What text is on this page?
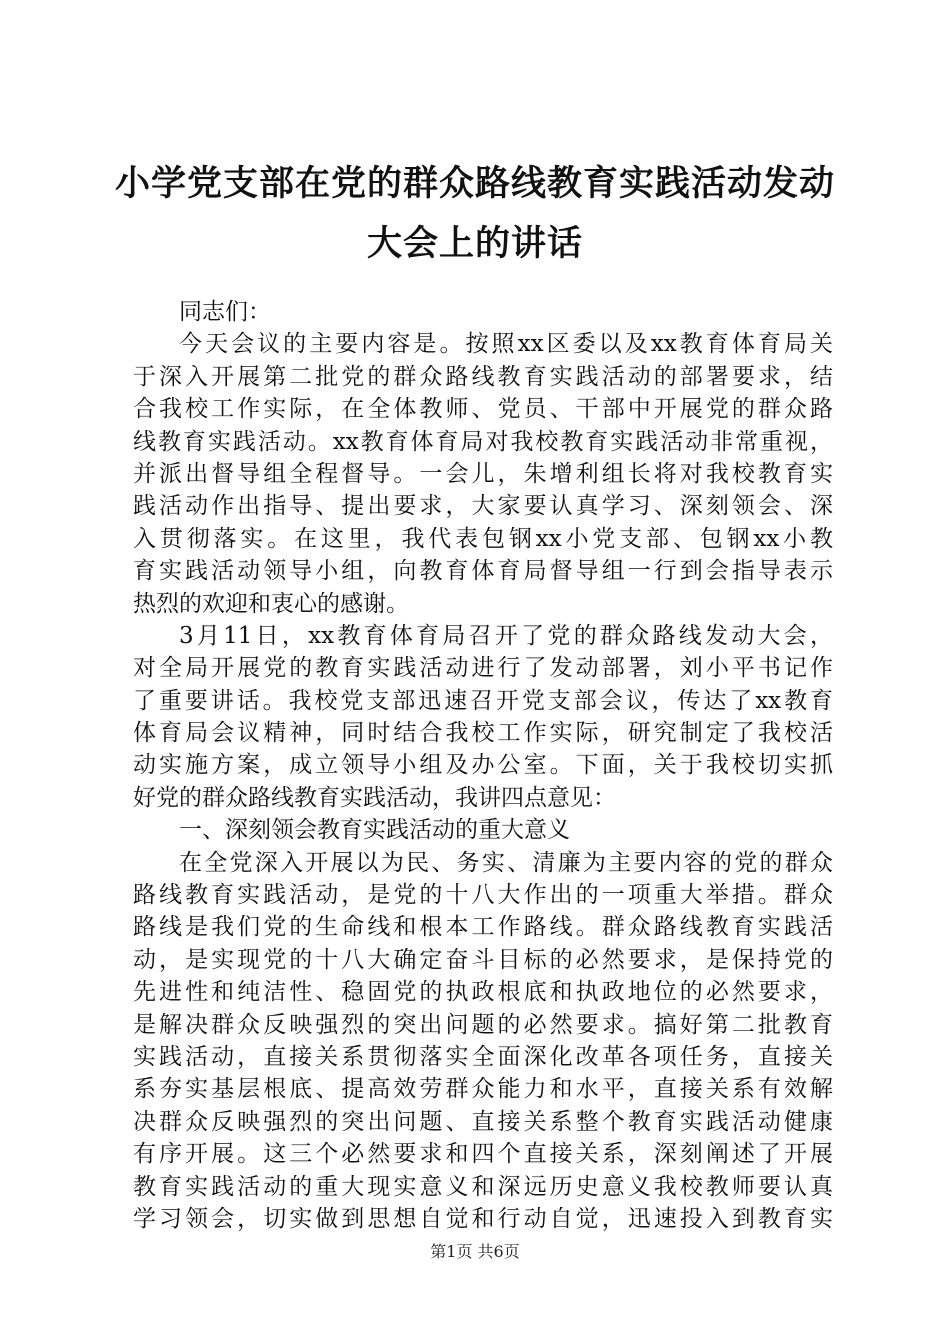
小学党支部在党的群众路线教育实践活动发动
大会上的讲话
同志们：
今天会议的主要内容是。按照xx区委以及xx教育体育局关
于深入开展第二批党的群众路线教育实践活动的部署要求，结
合我校工作实际，在全体教师、党员、干部中开展党的群众路
线教育实践活动。xx教育体育局对我校教育实践活动非常重视，
并派出督导组全程督导。一会儿，朱增利组长将对我校教育实
践活动作出指导、提出要求，大家要认真学习、深刻领会、深
入贯彻落实。在这里，我代表包钢xx小党支部、包钢xx小教
育实践活动领导小组，向教育体育局督导组一行到会指导表示
热烈的欢迎和衷心的感谢。
3月11日，xx教育体育局召开了党的群众路线发动大会，
对全局开展党的教育实践活动进行了发动部署，刘小平书记作
了重要讲话。我校党支部迅速召开党支部会议，传达了xx教育
体育局会议精神，同时结合我校工作实际，研究制定了我校活
动实施方案，成立领导小组及办公室。下面，关于我校切实抓
好党的群众路线教育实践活动，我讲四点意见：
一、深刻领会教育实践活动的重大意义
在全党深入开展以为民、务实、清廉为主要内容的党的群众
路线教育实践活动，是党的十八大作出的一项重大举措。群众
路线是我们党的生命线和根本工作路线。群众路线教育实践活
动，是实现党的十八大确定奋斗目标的必然要求，是保持党的
先进性和纯洁性、稳固党的执政根底和执政地位的必然要求，
是解决群众反映强烈的突出问题的必然要求。搞好第二批教育
实践活动，直接关系贯彻落实全面深化改革各项任务，直接关
系夯实基层根底、提高效劳群众能力和水平，直接关系有效解
决群众反映强烈的突出问题、直接关系整个教育实践活动健康
有序开展。这三个必然要求和四个直接关系，深刻阐述了开展
教育实践活动的重大现实意义和深远历史意义我校教师要认真
学习领会，切实做到思想自觉和行动自觉，迅速投入到教育实
第1页 共6页
